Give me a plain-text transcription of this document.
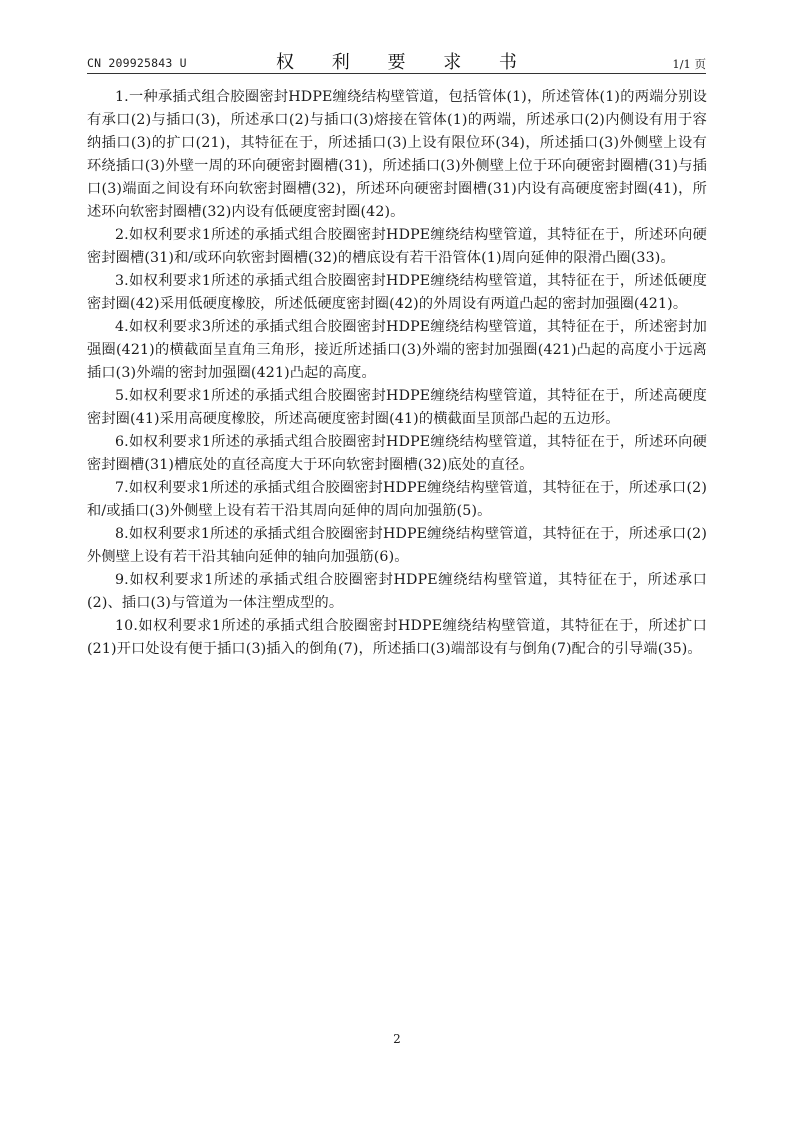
CN 209925843 U	权 利 要 求 书	1/1 页

1.一种承插式组合胶圈密封HDPE缠绕结构壁管道，包括管体(1)，所述管体(1)的两端分别设有承口(2)与插口(3)，所述承口(2)与插口(3)熔接在管体(1)的两端，所述承口(2)内侧设有用于容纳插口(3)的扩口(21)，其特征在于，所述插口(3)上设有限位环(34)，所述插口(3)外侧壁上设有环绕插口(3)外壁一周的环向硬密封圈槽(31)，所述插口(3)外侧壁上位于环向硬密封圈槽(31)与插口(3)端面之间设有环向软密封圈槽(32)，所述环向硬密封圈槽(31)内设有高硬度密封圈(41)，所述环向软密封圈槽(32)内设有低硬度密封圈(42)。

2.如权利要求1所述的承插式组合胶圈密封HDPE缠绕结构壁管道，其特征在于，所述环向硬密封圈槽(31)和/或环向软密封圈槽(32)的槽底设有若干沿管体(1)周向延伸的限滑凸圈(33)。

3.如权利要求1所述的承插式组合胶圈密封HDPE缠绕结构壁管道，其特征在于，所述低硬度密封圈(42)采用低硬度橡胶，所述低硬度密封圈(42)的外周设有两道凸起的密封加强圈(421)。

4.如权利要求3所述的承插式组合胶圈密封HDPE缠绕结构壁管道，其特征在于，所述密封加强圈(421)的横截面呈直角三角形，接近所述插口(3)外端的密封加强圈(421)凸起的高度小于远离插口(3)外端的密封加强圈(421)凸起的高度。

5.如权利要求1所述的承插式组合胶圈密封HDPE缠绕结构壁管道，其特征在于，所述高硬度密封圈(41)采用高硬度橡胶，所述高硬度密封圈(41)的横截面呈顶部凸起的五边形。

6.如权利要求1所述的承插式组合胶圈密封HDPE缠绕结构壁管道，其特征在于，所述环向硬密封圈槽(31)槽底处的直径高度大于环向软密封圈槽(32)底处的直径。

7.如权利要求1所述的承插式组合胶圈密封HDPE缠绕结构壁管道，其特征在于，所述承口(2)和/或插口(3)外侧壁上设有若干沿其周向延伸的周向加强筋(5)。

8.如权利要求1所述的承插式组合胶圈密封HDPE缠绕结构壁管道，其特征在于，所述承口(2)外侧壁上设有若干沿其轴向延伸的轴向加强筋(6)。

9.如权利要求1所述的承插式组合胶圈密封HDPE缠绕结构壁管道，其特征在于，所述承口(2)、插口(3)与管道为一体注塑成型的。

10.如权利要求1所述的承插式组合胶圈密封HDPE缠绕结构壁管道，其特征在于，所述扩口(21)开口处设有便于插口(3)插入的倒角(7)，所述插口(3)端部设有与倒角(7)配合的引导端(35)。

2
